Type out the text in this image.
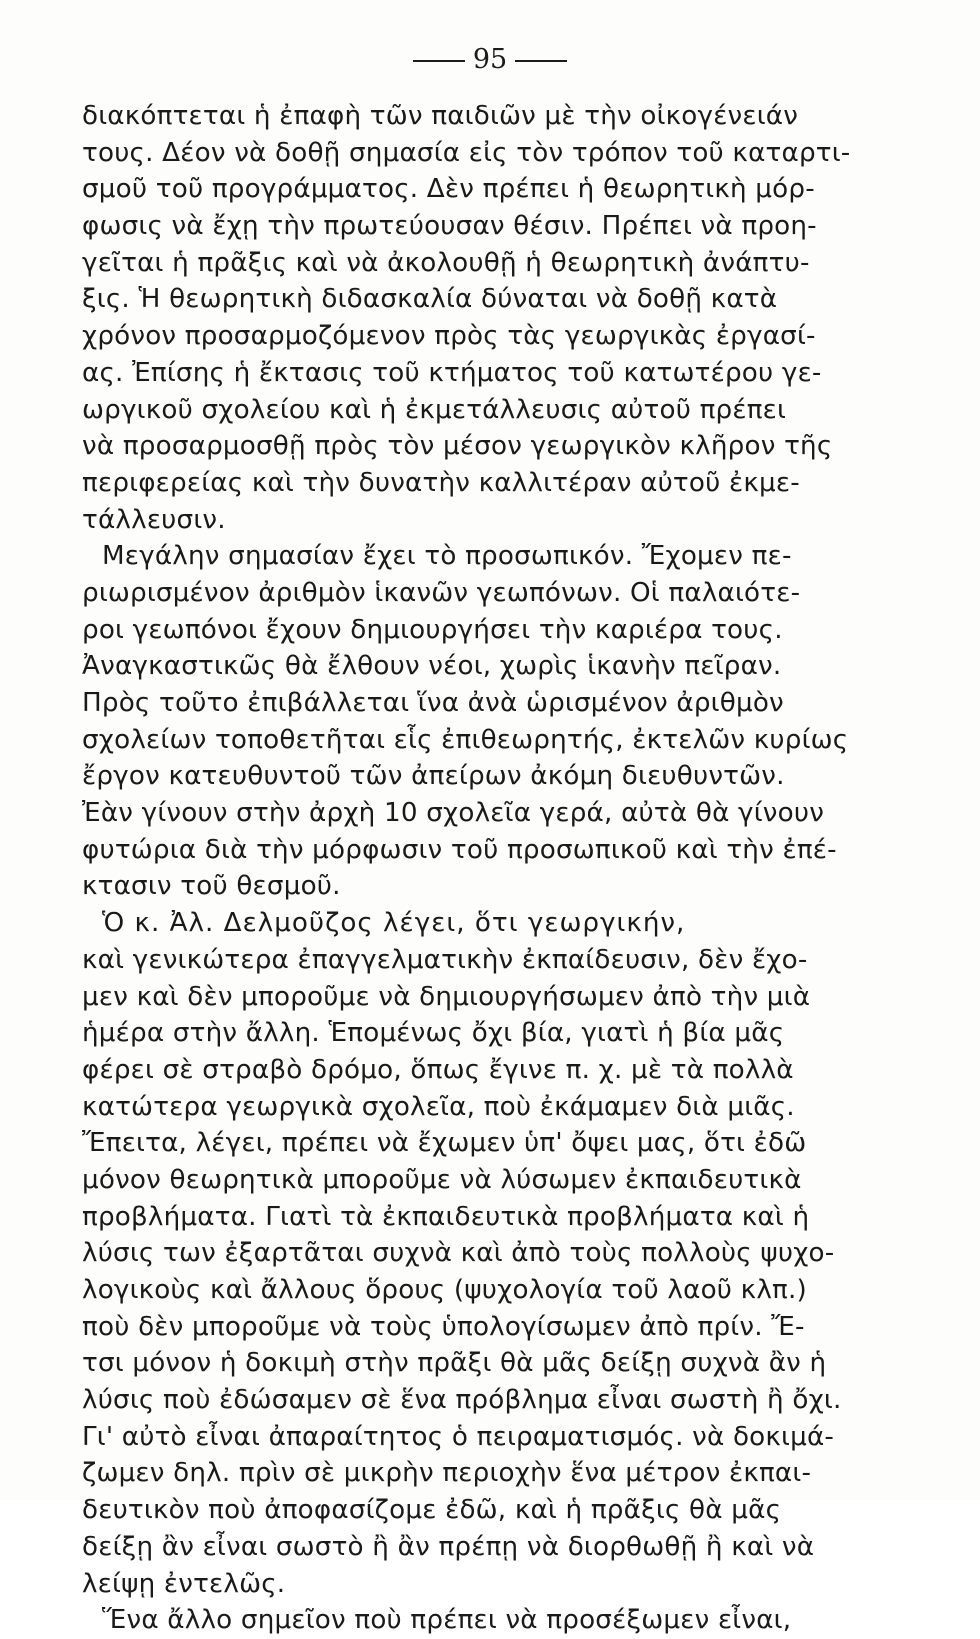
95
διακόπτεται ἡ ἐπαφὴ τῶν παιδιῶν μὲ τὴν οἰκογένειάν
τους. Δέον νὰ δοθῇ σημασία εἰς τὸν τρόπον τοῦ καταρτι-
σμοῦ τοῦ προγράμματος. Δὲν πρέπει ἡ θεωρητικὴ μόρ-
φωσις νὰ ἔχῃ τὴν πρωτεύουσαν θέσιν. Πρέπει νὰ προη-
γεῖται ἡ πρᾶξις καὶ νὰ ἀκολουθῇ ἡ θεωρητικὴ ἀνάπτυ-
ξις. Ἡ θεωρητικὴ διδασκαλία δύναται νὰ δοθῇ κατὰ
χρόνον προσαρμοζόμενον πρὸς τὰς γεωργικὰς ἐργασί-
ας. Ἐπίσης ἡ ἔκτασις τοῦ κτήματος τοῦ κατωτέρου γε-
ωργικοῦ σχολείου καὶ ἡ ἐκμετάλλευσις αὐτοῦ πρέπει
νὰ προσαρμοσθῇ πρὸς τὸν μέσον γεωργικὸν κλῆρον τῆς
περιφερείας καὶ τὴν δυνατὴν καλλιτέραν αὐτοῦ ἐκμε-
τάλλευσιν.
Μεγάλην σημασίαν ἔχει τὸ προσωπικόν. Ἔχομεν πε-
ριωρισμένον ἀριθμὸν ἱκανῶν γεωπόνων. Οἱ παλαιότε-
ροι γεωπόνοι ἔχουν δημιουργήσει τὴν καριέρα τους.
Ἀναγκαστικῶς θὰ ἔλθουν νέοι, χωρὶς ἱκανὴν πεῖραν.
Πρὸς τοῦτο ἐπιβάλλεται ἵνα ἀνὰ ὡρισμένον ἀριθμὸν
σχολείων τοποθετῆται εἷς ἐπιθεωρητής, ἐκτελῶν κυρίως
ἔργον κατευθυντοῦ τῶν ἀπείρων ἀκόμη διευθυντῶν.
Ἐὰν γίνουν στὴν ἀρχὴ 10 σχολεῖα γερά, αὐτὰ θὰ γίνουν
φυτώρια διὰ τὴν μόρφωσιν τοῦ προσωπικοῦ καὶ τὴν ἐπέ-
κτασιν τοῦ θεσμοῦ.
Ὁ κ. Ἀλ. Δελμοῦζος λέγει, ὅτι γεωργικήν,
καὶ γενικώτερα ἐπαγγελματικὴν ἐκπαίδευσιν, δὲν ἔχο-
μεν καὶ δὲν μποροῦμε νὰ δημιουργήσωμεν ἀπὸ τὴν μιὰ
ἡμέρα στὴν ἄλλη. Ἑπομένως ὄχι βία, γιατὶ ἡ βία μᾶς
φέρει σὲ στραβὸ δρόμο, ὅπως ἔγινε π. χ. μὲ τὰ πολλὰ
κατώτερα γεωργικὰ σχολεῖα, ποὺ ἐκάμαμεν διὰ μιᾶς.
Ἔπειτα, λέγει, πρέπει νὰ ἔχωμεν ὑπ' ὄψει μας, ὅτι ἐδῶ
μόνον θεωρητικὰ μποροῦμε νὰ λύσωμεν ἐκπαιδευτικὰ
προβλήματα. Γιατὶ τὰ ἐκπαιδευτικὰ προβλήματα καὶ ἡ
λύσις των ἐξαρτᾶται συχνὰ καὶ ἀπὸ τοὺς πολλοὺς ψυχο-
λογικοὺς καὶ ἄλλους ὅρους (ψυχολογία τοῦ λαοῦ κλπ.)
ποὺ δὲν μποροῦμε νὰ τοὺς ὑπολογίσωμεν ἀπὸ πρίν. Ἔ-
τσι μόνον ἡ δοκιμὴ στὴν πρᾶξι θὰ μᾶς δείξῃ συχνὰ ἂν ἡ
λύσις ποὺ ἐδώσαμεν σὲ ἕνα πρόβλημα εἶναι σωστὴ ἢ ὄχι.
Γι' αὐτὸ εἶναι ἀπαραίτητος ὁ πειραματισμός. νὰ δοκιμά-
ζωμεν δηλ. πρὶν σὲ μικρὴν περιοχὴν ἕνα μέτρον ἐκπαι-
δευτικὸν ποὺ ἀποφασίζομε ἐδῶ, καὶ ἡ πρᾶξις θὰ μᾶς
δείξῃ ἂν εἶναι σωστὸ ἢ ἂν πρέπῃ νὰ διορθωθῇ ἢ καὶ νὰ
λείψῃ ἐντελῶς.
Ἕνα ἄλλο σημεῖον ποὺ πρέπει νὰ προσέξωμεν εἶναι,
